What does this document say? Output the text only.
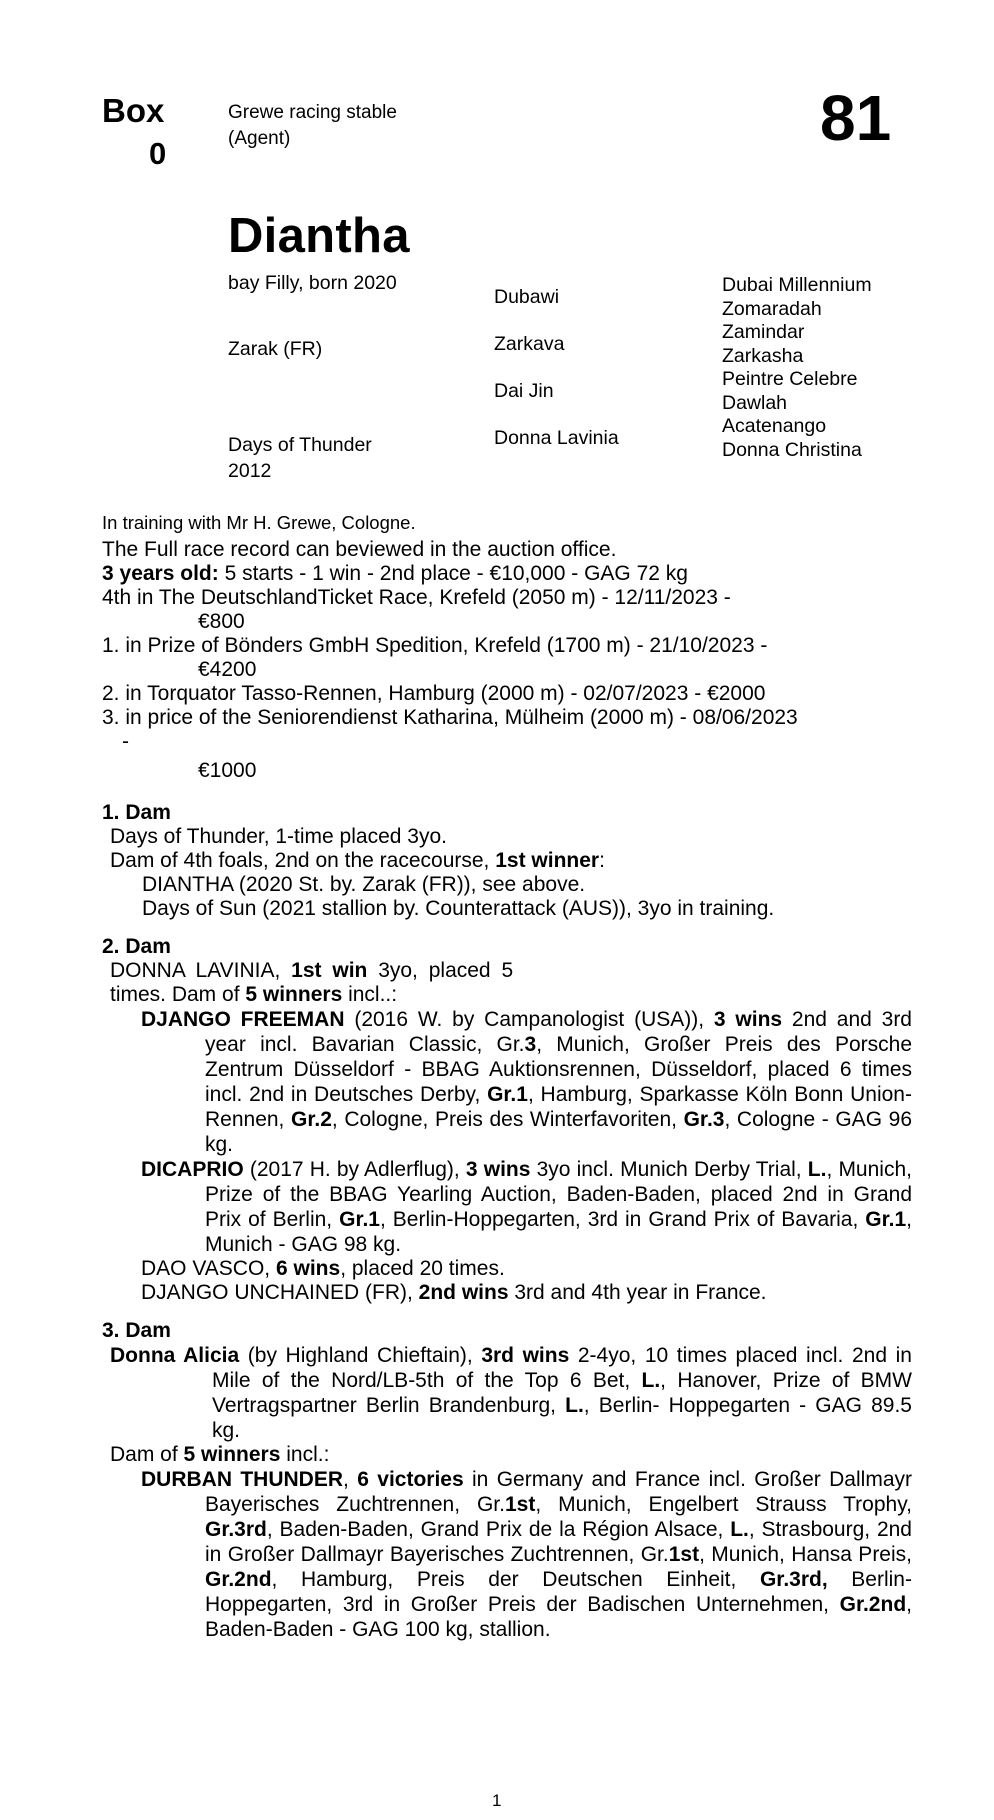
Box
0
Grewe racing stable
(Agent)	81
Diantha
bay Filly, born 2020
Zarak (FR)
Days of Thunder
2012
Dubawi
Zarkava
Dai Jin
Donna Lavinia
Dubai Millennium
Zomaradah
Zamindar
Zarkasha
Peintre Celebre
Dawlah
Acatenango
Donna Christina
In training with Mr H. Grewe, Cologne.
The Full race record can beviewed in the auction office.
3 years old: 5 starts - 1 win - 2nd place - €10,000 - GAG 72 kg
4th in The DeutschlandTicket Race, Krefeld (2050 m) - 12/11/2023 -
€800
1. in Prize of Bönders GmbH Spedition, Krefeld (1700 m) - 21/10/2023 -
€4200
2. in Torquator Tasso-Rennen, Hamburg (2000 m) - 02/07/2023 - €2000
3. in price of the Seniorendienst Katharina, Mülheim (2000 m) - 08/06/2023
-
€1000
1. Dam
Days of Thunder, 1-time placed 3yo.
Dam of 4th foals, 2nd on the racecourse, 1st winner:
DIANTHA (2020 St. by. Zarak (FR)), see above.
Days of Sun (2021 stallion by. Counterattack (AUS)), 3yo in training.
2. Dam
DONNA LAVINIA, 1st win 3yo, placed 5
times. Dam of 5 winners incl..:
DJANGO FREEMAN (2016 W. by Campanologist (USA)), 3 wins 2nd and 3rd year incl. Bavarian Classic, Gr.3, Munich, Großer Preis des Porsche Zentrum Düsseldorf - BBAG Auktionsrennen, Düsseldorf, placed 6 times incl. 2nd in Deutsches Derby, Gr.1, Hamburg, Sparkasse Köln Bonn Union-Rennen, Gr.2, Cologne, Preis des Winterfavoriten, Gr.3, Cologne - GAG 96 kg.
DICAPRIO (2017 H. by Adlerflug), 3 wins 3yo incl. Munich Derby Trial, L., Munich, Prize of the BBAG Yearling Auction, Baden-Baden, placed 2nd in Grand Prix of Berlin, Gr.1, Berlin-Hoppegarten, 3rd in Grand Prix of Bavaria, Gr.1, Munich - GAG 98 kg.
DAO VASCO, 6 wins, placed 20 times.
DJANGO UNCHAINED (FR), 2nd wins 3rd and 4th year in France.
3. Dam
Donna Alicia (by Highland Chieftain), 3rd wins 2-4yo, 10 times placed incl. 2nd in Mile of the Nord/LB-5th of the Top 6 Bet, L., Hanover, Prize of BMW Vertragspartner Berlin Brandenburg, L., Berlin- Hoppegarten - GAG 89.5 kg.
Dam of 5 winners incl.:
DURBAN THUNDER, 6 victories in Germany and France incl. Großer Dallmayr Bayerisches Zuchtrennen, Gr.1st, Munich, Engelbert Strauss Trophy, Gr.3rd, Baden-Baden, Grand Prix de la Région Alsace, L., Strasbourg, 2nd in Großer Dallmayr Bayerisches Zuchtrennen, Gr.1st, Munich, Hansa Preis, Gr.2nd, Hamburg, Preis der Deutschen Einheit, Gr.3rd, Berlin-Hoppegarten, 3rd in Großer Preis der Badischen Unternehmen, Gr.2nd, Baden-Baden - GAG 100 kg, stallion.
1
